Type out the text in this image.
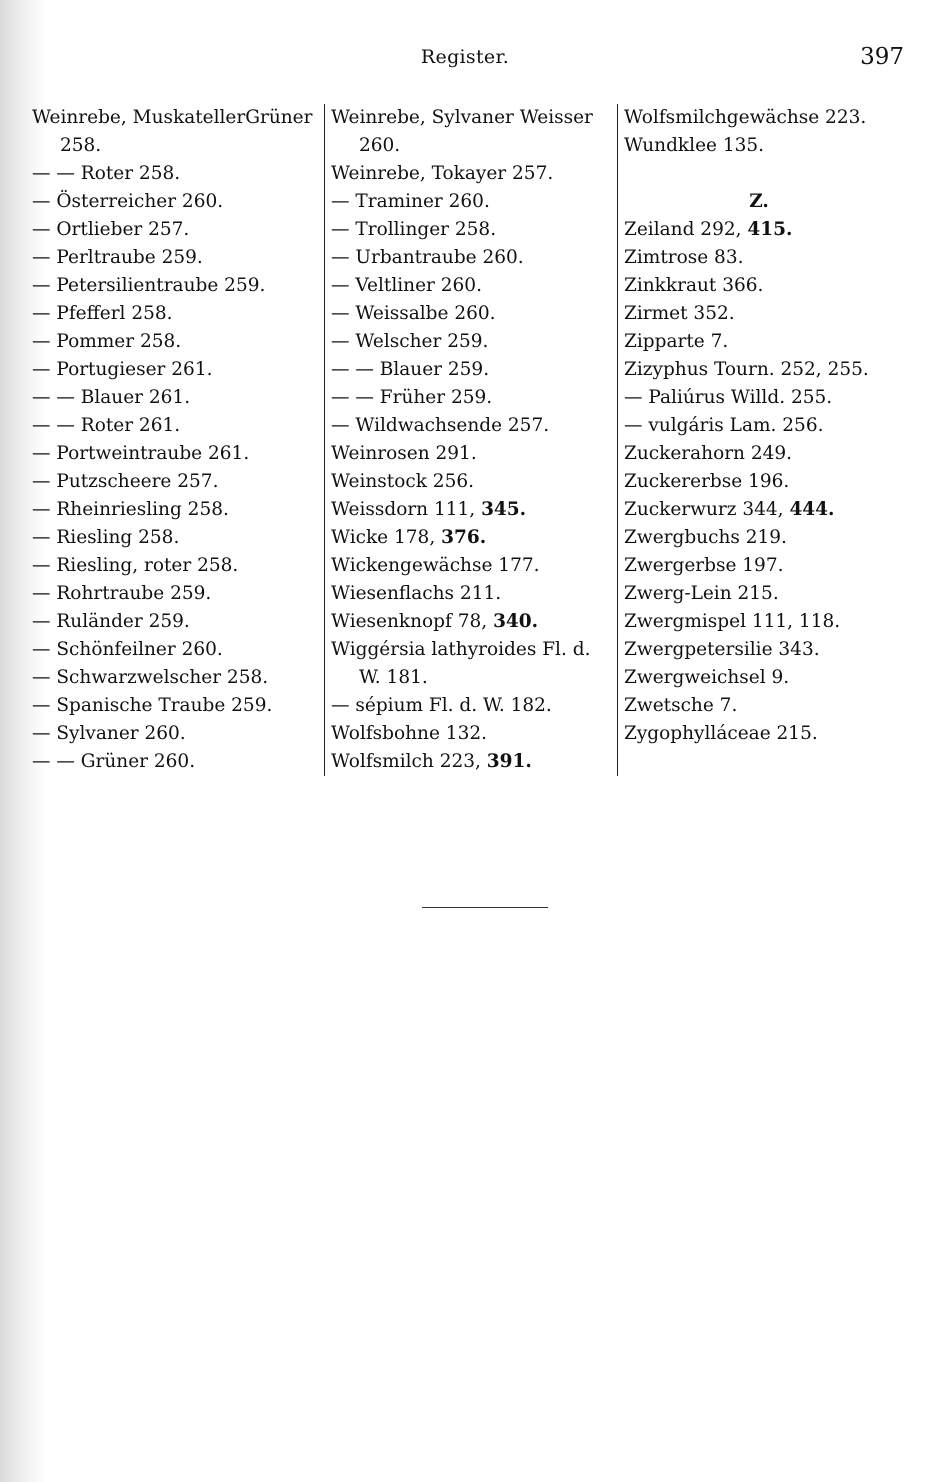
Register.	397
Weinrebe, MuskatellerGrüner
258.
— — Roter 258.
— Österreicher 260.
— Ortlieber 257.
— Perltraube 259.
— Petersilientraube 259.
— Pfefferl 258.
— Pommer 258.
— Portugieser 261.
— — Blauer 261.
— — Roter 261.
— Portweintraube 261.
— Putzscheere 257.
— Rheinriesling 258.
— Riesling 258.
— Riesling, roter 258.
— Rohrtraube 259.
— Ruländer 259.
— Schönfeilner 260.
— Schwarzwelscher 258.
— Spanische Traube 259.
— Sylvaner 260.
— — Grüner 260.
Weinrebe, Sylvaner Weisser
260.
Weinrebe, Tokayer 257.
— Traminer 260.
— Trollinger 258.
— Urbantraube 260.
— Veltliner 260.
— Weissalbe 260.
— Welscher 259.
— — Blauer 259.
— — Früher 259.
— Wildwachsende 257.
Weinrosen 291.
Weinstock 256.
Weissdorn 111, 345.
Wicke 178, 376.
Wickengewächse 177.
Wiesenflachs 211.
Wiesenknopf 78, 340.
Wiggérsia lathyroides Fl. d.
W. 181.
— sépium Fl. d. W. 182.
Wolfsbohne 132.
Wolfsmilch 223, 391.
Wolfsmilchgewächse 223.
Wundklee 135.
Z.
Zeiland 292, 415.
Zimtrose 83.
Zinkkraut 366.
Zirmet 352.
Zipparte 7.
Zizyphus Tourn. 252, 255.
— Paliúrus Willd. 255.
— vulgáris Lam. 256.
Zuckerahorn 249.
Zuckererbse 196.
Zuckerwurz 344, 444.
Zwergbuchs 219.
Zwergerbse 197.
Zwerg-Lein 215.
Zwergmispel 111, 118.
Zwergpetersilie 343.
Zwergweichsel 9.
Zwetsche 7.
Zygophylláceae 215.
